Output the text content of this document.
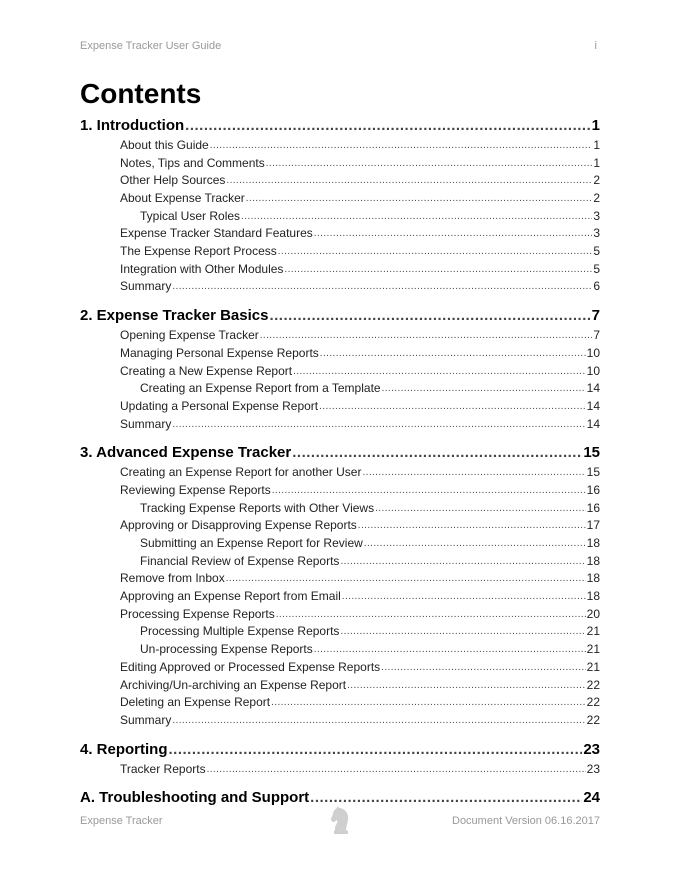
Expense Tracker User Guide	i
Contents
1. Introduction .....	1
About this Guide .....	1
Notes, Tips and Comments .....	1
Other Help Sources .....	2
About Expense Tracker .....	2
Typical User Roles .....	3
Expense Tracker Standard Features .....	3
The Expense Report Process .....	5
Integration with Other Modules .....	5
Summary .....	6
2. Expense Tracker Basics .....	7
Opening Expense Tracker .....	7
Managing Personal Expense Reports .....	10
Creating a New Expense Report .....	10
Creating an Expense Report from a Template .....	14
Updating a Personal Expense Report .....	14
Summary .....	14
3. Advanced Expense Tracker .....	15
Creating an Expense Report for another User .....	15
Reviewing Expense Reports .....	16
Tracking Expense Reports with Other Views .....	16
Approving or Disapproving Expense Reports .....	17
Submitting an Expense Report for Review .....	18
Financial Review of Expense Reports .....	18
Remove from Inbox .....	18
Approving an Expense Report from Email .....	18
Processing Expense Reports .....	20
Processing Multiple Expense Reports .....	21
Un-processing Expense Reports .....	21
Editing Approved or Processed Expense Reports .....	21
Archiving/Un-archiving an Expense Report .....	22
Deleting an Expense Report .....	22
Summary .....	22
4. Reporting .....	23
Tracker Reports .....	23
A. Troubleshooting and Support .....	24
Expense Tracker	Document Version 06.16.2017
